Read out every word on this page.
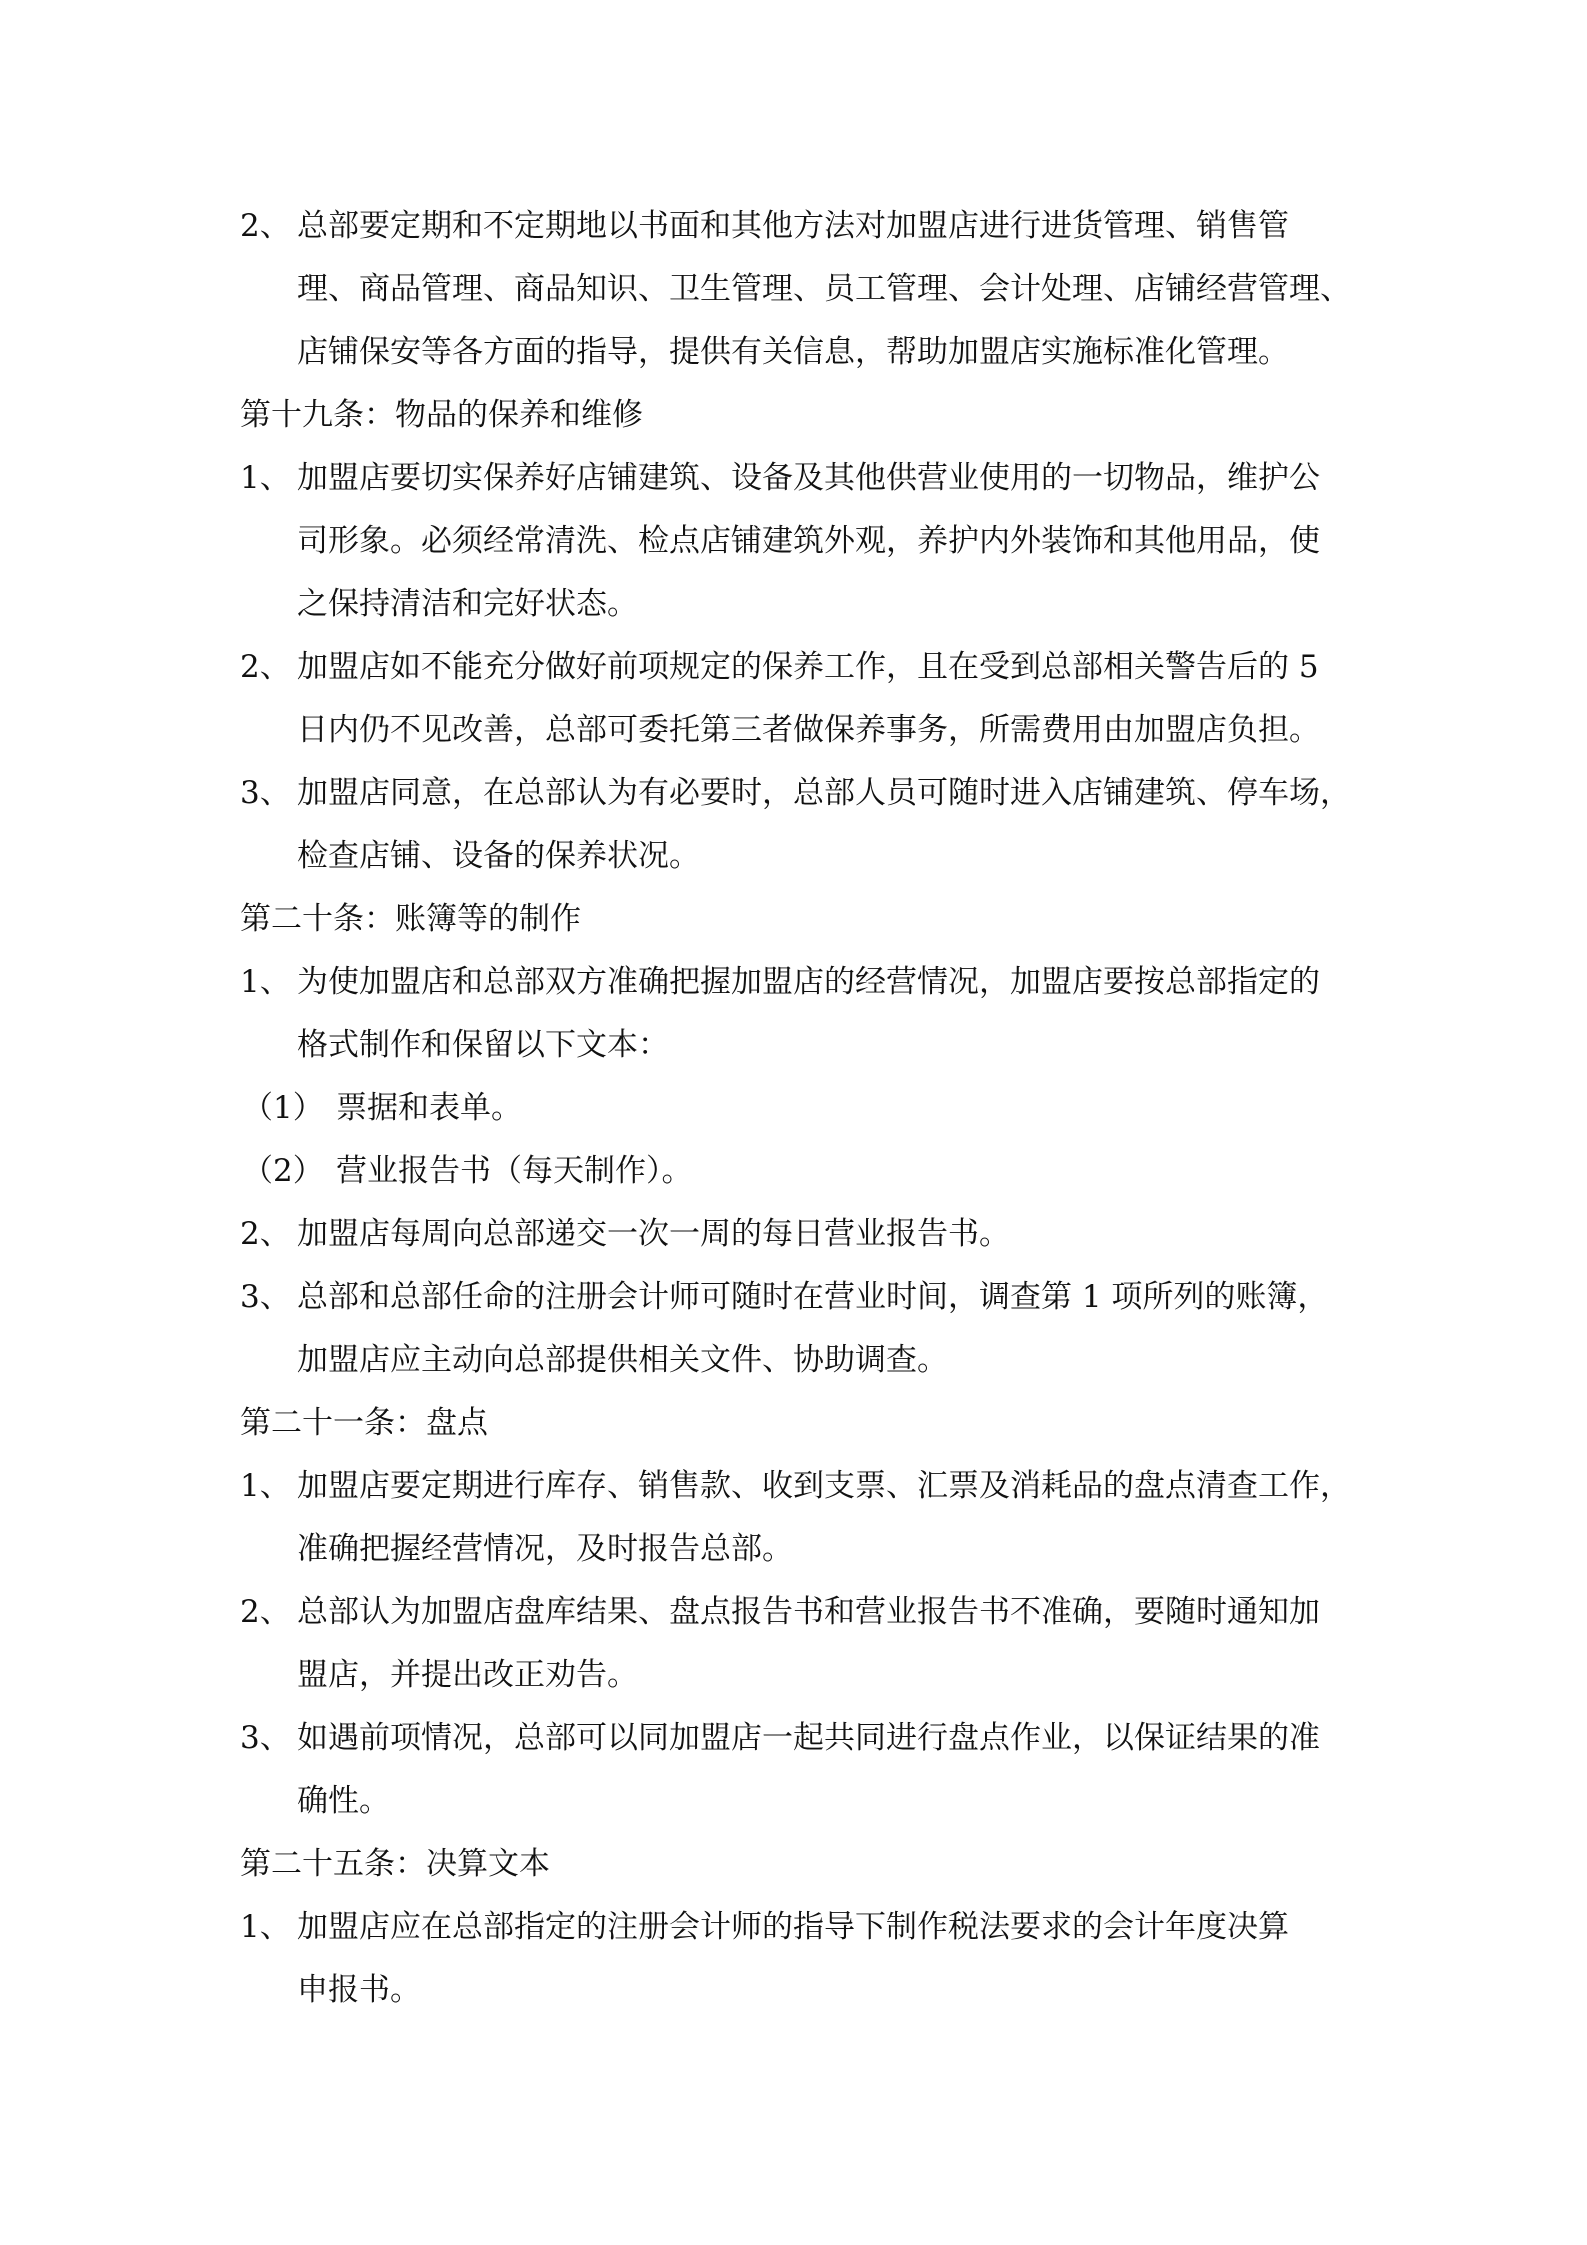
2、 总部要定期和不定期地以书面和其他方法对加盟店进行进货管理、销售管
理、商品管理、商品知识、卫生管理、员工管理、会计处理、店铺经营管理、
店铺保安等各方面的指导，提供有关信息，帮助加盟店实施标准化管理。
第十九条：物品的保养和维修
1、 加盟店要切实保养好店铺建筑、设备及其他供营业使用的一切物品，维护公
司形象。必须经常清洗、检点店铺建筑外观，养护内外装饰和其他用品，使
之保持清洁和完好状态。
2、 加盟店如不能充分做好前项规定的保养工作，且在受到总部相关警告后的 5
日内仍不见改善，总部可委托第三者做保养事务，所需费用由加盟店负担。
3、 加盟店同意，在总部认为有必要时，总部人员可随时进入店铺建筑、停车场，
检查店铺、设备的保养状况。
第二十条：账簿等的制作
1、 为使加盟店和总部双方准确把握加盟店的经营情况，加盟店要按总部指定的
格式制作和保留以下文本：
（1） 票据和表单。
（2） 营业报告书（每天制作）。
2、 加盟店每周向总部递交一次一周的每日营业报告书。
3、 总部和总部任命的注册会计师可随时在营业时间，调查第 1 项所列的账簿，
加盟店应主动向总部提供相关文件、协助调查。
第二十一条：盘点
1、 加盟店要定期进行库存、销售款、收到支票、汇票及消耗品的盘点清查工作，
准确把握经营情况，及时报告总部。
2、 总部认为加盟店盘库结果、盘点报告书和营业报告书不准确，要随时通知加
盟店，并提出改正劝告。
3、 如遇前项情况，总部可以同加盟店一起共同进行盘点作业，以保证结果的准
确性。
第二十五条：决算文本
1、 加盟店应在总部指定的注册会计师的指导下制作税法要求的会计年度决算
申报书。
